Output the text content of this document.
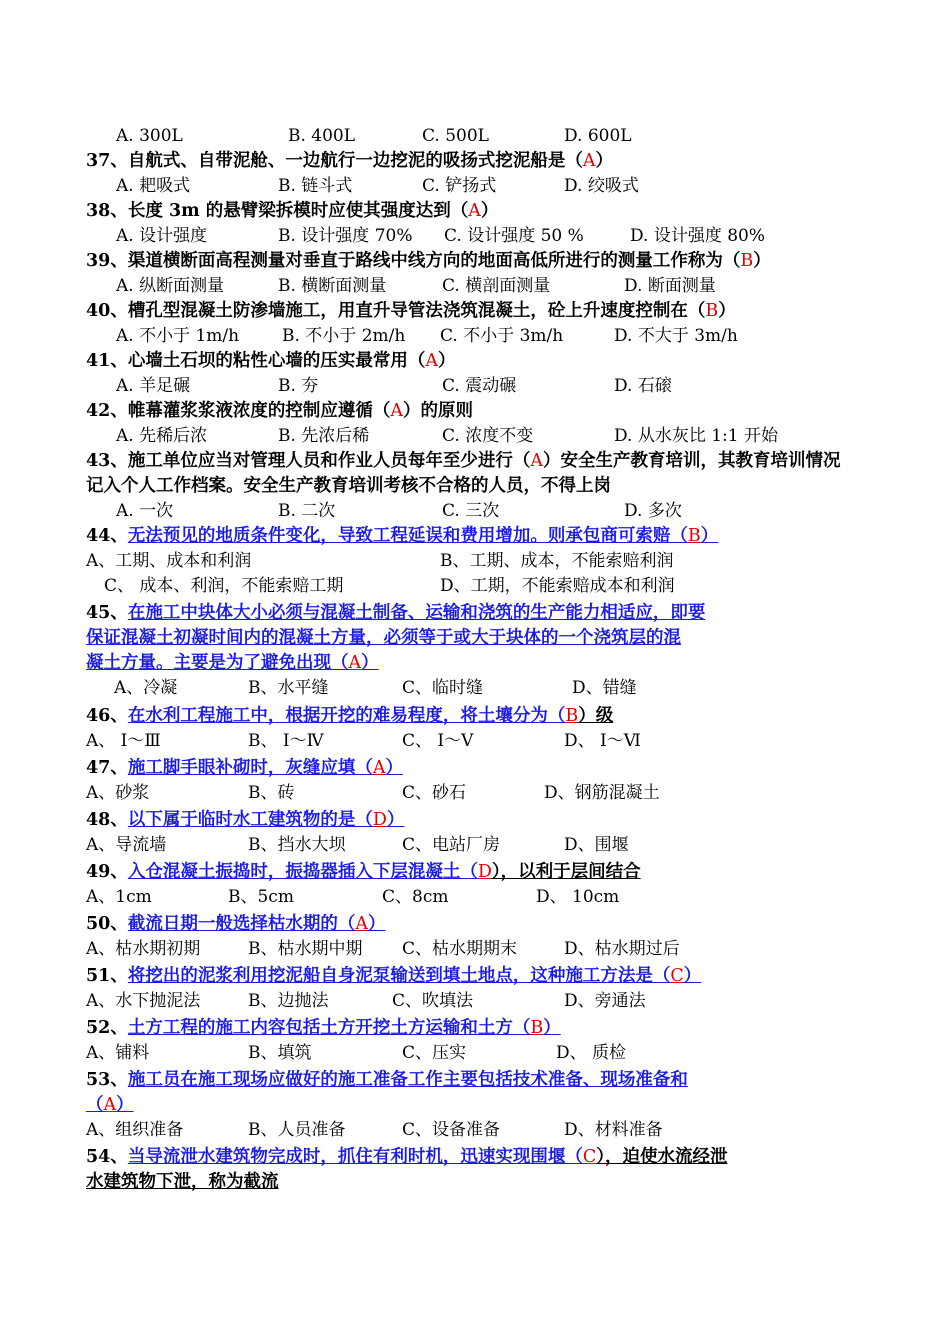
A. 300L	B. 400L	C. 500L	D. 600L
37、自航式、自带泥舱、一边航行一边挖泥的吸扬式挖泥船是（A）
A. 耙吸式	B. 链斗式	C. 铲扬式	D. 绞吸式
38、长度 3m 的悬臂梁拆模时应使其强度达到（A）
A. 设计强度	B. 设计强度 70% C. 设计强度 50 %	D. 设计强度 80%
39、渠道横断面高程测量对垂直于路线中线方向的地面高低所进行的测量工作称为（B）
A. 纵断面测量	B. 横断面测量	C. 横剖面测量	D. 断面测量
40、槽孔型混凝土防渗墙施工，用直升导管法浇筑混凝土，砼上升速度控制在（B）
A. 不小于 1m/h	B. 不小于 2m/h C. 不小于 3m/h	D. 不大于 3m/h
41、心墙土石坝的粘性心墙的压实最常用（A）
A. 羊足碾	B. 夯	C. 震动碾	D. 石磙
42、帷幕灌浆浆液浓度的控制应遵循（A）的原则
A. 先稀后浓	B. 先浓后稀	C. 浓度不变	D. 从水灰比 1:1 开始
43、施工单位应当对管理人员和作业人员每年至少进行（A）安全生产教育培训，其教育培训情况
记入个人工作档案。安全生产教育培训考核不合格的人员，不得上岗
A. 一次	B. 二次	C. 三次	D. 多次
44、无法预见的地质条件变化，导致工程延误和费用增加。则承包商可索赔（B）
A、工期、成本和利润	B、工期、成本，不能索赔利润
C、 成本、利润，不能索赔工期	D、工期，不能索赔成本和利润
45、在施工中块体大小必须与混凝土制备、运输和浇筑的生产能力相适应，即要
保证混凝土初凝时间内的混凝土方量，必须等于或大于块体的一个浇筑层的混
凝土方量。主要是为了避免出现（A）
A、冷凝	B、水平缝	C、临时缝	D、错缝
46、在水利工程施工中，根据开挖的难易程度，将土壤分为（B）级
A、 Ⅰ～Ⅲ	B、 Ⅰ～Ⅳ	C、 Ⅰ～Ⅴ	D、 Ⅰ～Ⅵ
47、施工脚手眼补砌时，灰缝应填（A）
A、砂浆	B、砖	C、砂石	D、钢筋混凝土
48、以下属于临时水工建筑物的是（D）
A、导流墙	B、挡水大坝	C、电站厂房	D、围堰
49、入仓混凝土振捣时，振捣器插入下层混凝土（D），以利于层间结合
A、1cm	B、5cm	C、8cm	D、 10cm
50、截流日期一般选择枯水期的（A）
A、枯水期初期	B、枯水期中期 C、枯水期期末	D、枯水期过后
51、将挖出的泥浆利用挖泥船自身泥泵输送到填土地点，这种施工方法是（C）
A、水下抛泥法	B、边抛法	C、吹填法	D、旁通法
52、土方工程的施工内容包括土方开挖土方运输和土方（B）
A、铺料	B、填筑	C、压实	D、 质检
53、施工员在施工现场应做好的施工准备工作主要包括技术准备、现场准备和
（A）
A、组织准备	B、人员准备	C、设备准备	D、材料准备
54、当导流泄水建筑物完成时，抓住有利时机，迅速实现围堰（C），迫使水流经泄
水建筑物下泄，称为截流
